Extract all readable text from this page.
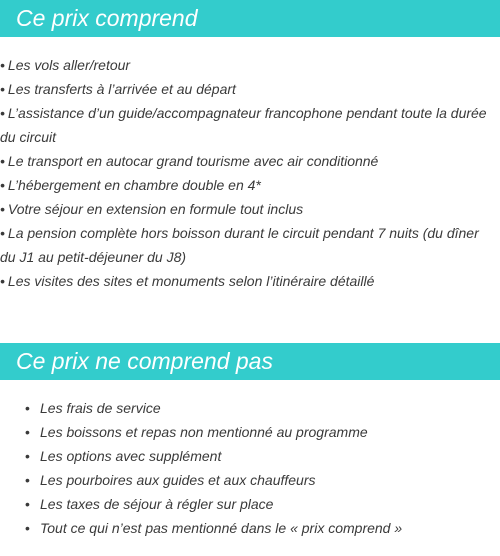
Ce prix comprend
• Les vols aller/retour
• Les transferts à l’arrivée et au départ
• L’assistance d’un guide/accompagnateur francophone pendant toute la durée du circuit
• Le transport en autocar grand tourisme avec air conditionné
• L’hébergement en chambre double en 4*
• Votre séjour en extension en formule tout inclus
• La pension complète hors boisson durant le circuit pendant 7 nuits (du dîner du J1 au petit-déjeuner du J8)
• Les visites des sites et monuments selon l’itinéraire détaillé
Ce prix ne comprend pas
• Les frais de service
• Les boissons et repas non mentionné au programme
• Les options avec supplément
• Les pourboires aux guides et aux chauffeurs
• Les taxes de séjour à régler sur place
• Tout ce qui n’est pas mentionné dans le « prix comprend »
